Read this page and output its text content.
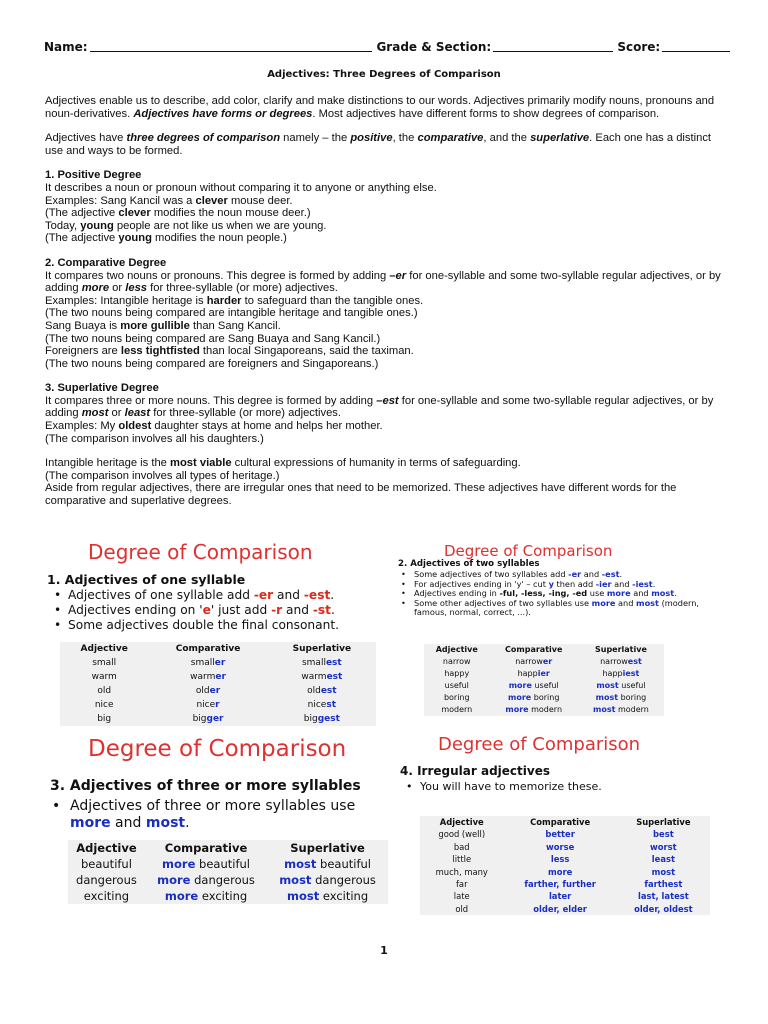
Name:	Grade & Section:	Score:
Adjectives: Three Degrees of Comparison

Adjectives enable us to describe, add color, clarify and make distinctions to our words. Adjectives primarily modify nouns, pronouns and noun-derivatives. Adjectives have forms or degrees. Most adjectives have different forms to show degrees of comparison.

Adjectives have three degrees of comparison namely – the positive, the comparative, and the superlative. Each one has a distinct use and ways to be formed.

1. Positive Degree

It describes a noun or pronoun without comparing it to anyone or anything else.

Examples: Sang Kancil was a clever mouse deer.

(The adjective clever modifies the noun mouse deer.)

Today, young people are not like us when we are young.

(The adjective young modifies the noun people.)

2. Comparative Degree

It compares two nouns or pronouns. This degree is formed by adding –er for one-syllable and some two-syllable regular adjectives, or by adding more or less for three-syllable (or more) adjectives.

Examples: Intangible heritage is harder to safeguard than the tangible ones.

(The two nouns being compared are intangible heritage and tangible ones.)

Sang Buaya is more gullible than Sang Kancil.

(The two nouns being compared are Sang Buaya and Sang Kancil.)

Foreigners are less tightfisted than local Singaporeans, said the taximan.

(The two nouns being compared are foreigners and Singaporeans.)

3. Superlative Degree

It compares three or more nouns. This degree is formed by adding –est for one-syllable and some two-syllable regular adjectives, or by adding most or least for three-syllable (or more) adjectives.

Examples: My oldest daughter stays at home and helps her mother.

(The comparison involves all his daughters.)

Intangible heritage is the most viable cultural expressions of humanity in terms of safeguarding.

(The comparison involves all types of heritage.)

Aside from regular adjectives, there are irregular ones that need to be memorized. These adjectives have different words for the comparative and superlative degrees.

Degree of Comparison
1. Adjectives of one syllable
• Adjectives of one syllable add -er and -est.
• Adjectives ending on 'e' just add -r and -st.
• Some adjectives double the final consonant.
Adjective	Comparative	Superlative
small	smaller	smallest
warm	warmer	warmest
old	older	oldest
nice	nicer	nicest
big	bigger	biggest
Degree of Comparison
2. Adjectives of two syllables
• Some adjectives of two syllables add -er and -est.
• For adjectives ending in 'y' – cut y then add -ier and -iest.
• Adjectives ending in -ful, -less, -ing, -ed use more and most.
• Some other adjectives of two syllables use more and most (modern, famous, normal, correct, ...).
Adjective	Comparative	Superlative
narrow	narrower	narrowest
happy	happier	happiest
useful	more useful	most useful
boring	more boring	most boring
modern	more modern	most modern
Degree of Comparison
3. Adjectives of three or more syllables
• Adjectives of three or more syllables use more and most.
Adjective	Comparative	Superlative
beautiful	more beautiful	most beautiful
dangerous	more dangerous	most dangerous
exciting	more exciting	most exciting
Degree of Comparison
4. Irregular adjectives
• You will have to memorize these.
Adjective	Comparative	Superlative
good (well)	better	best
bad	worse	worst
little	less	least
much, many	more	most
far	farther, further	farthest
late	later	last, latest
old	older, elder	older, oldest
1
